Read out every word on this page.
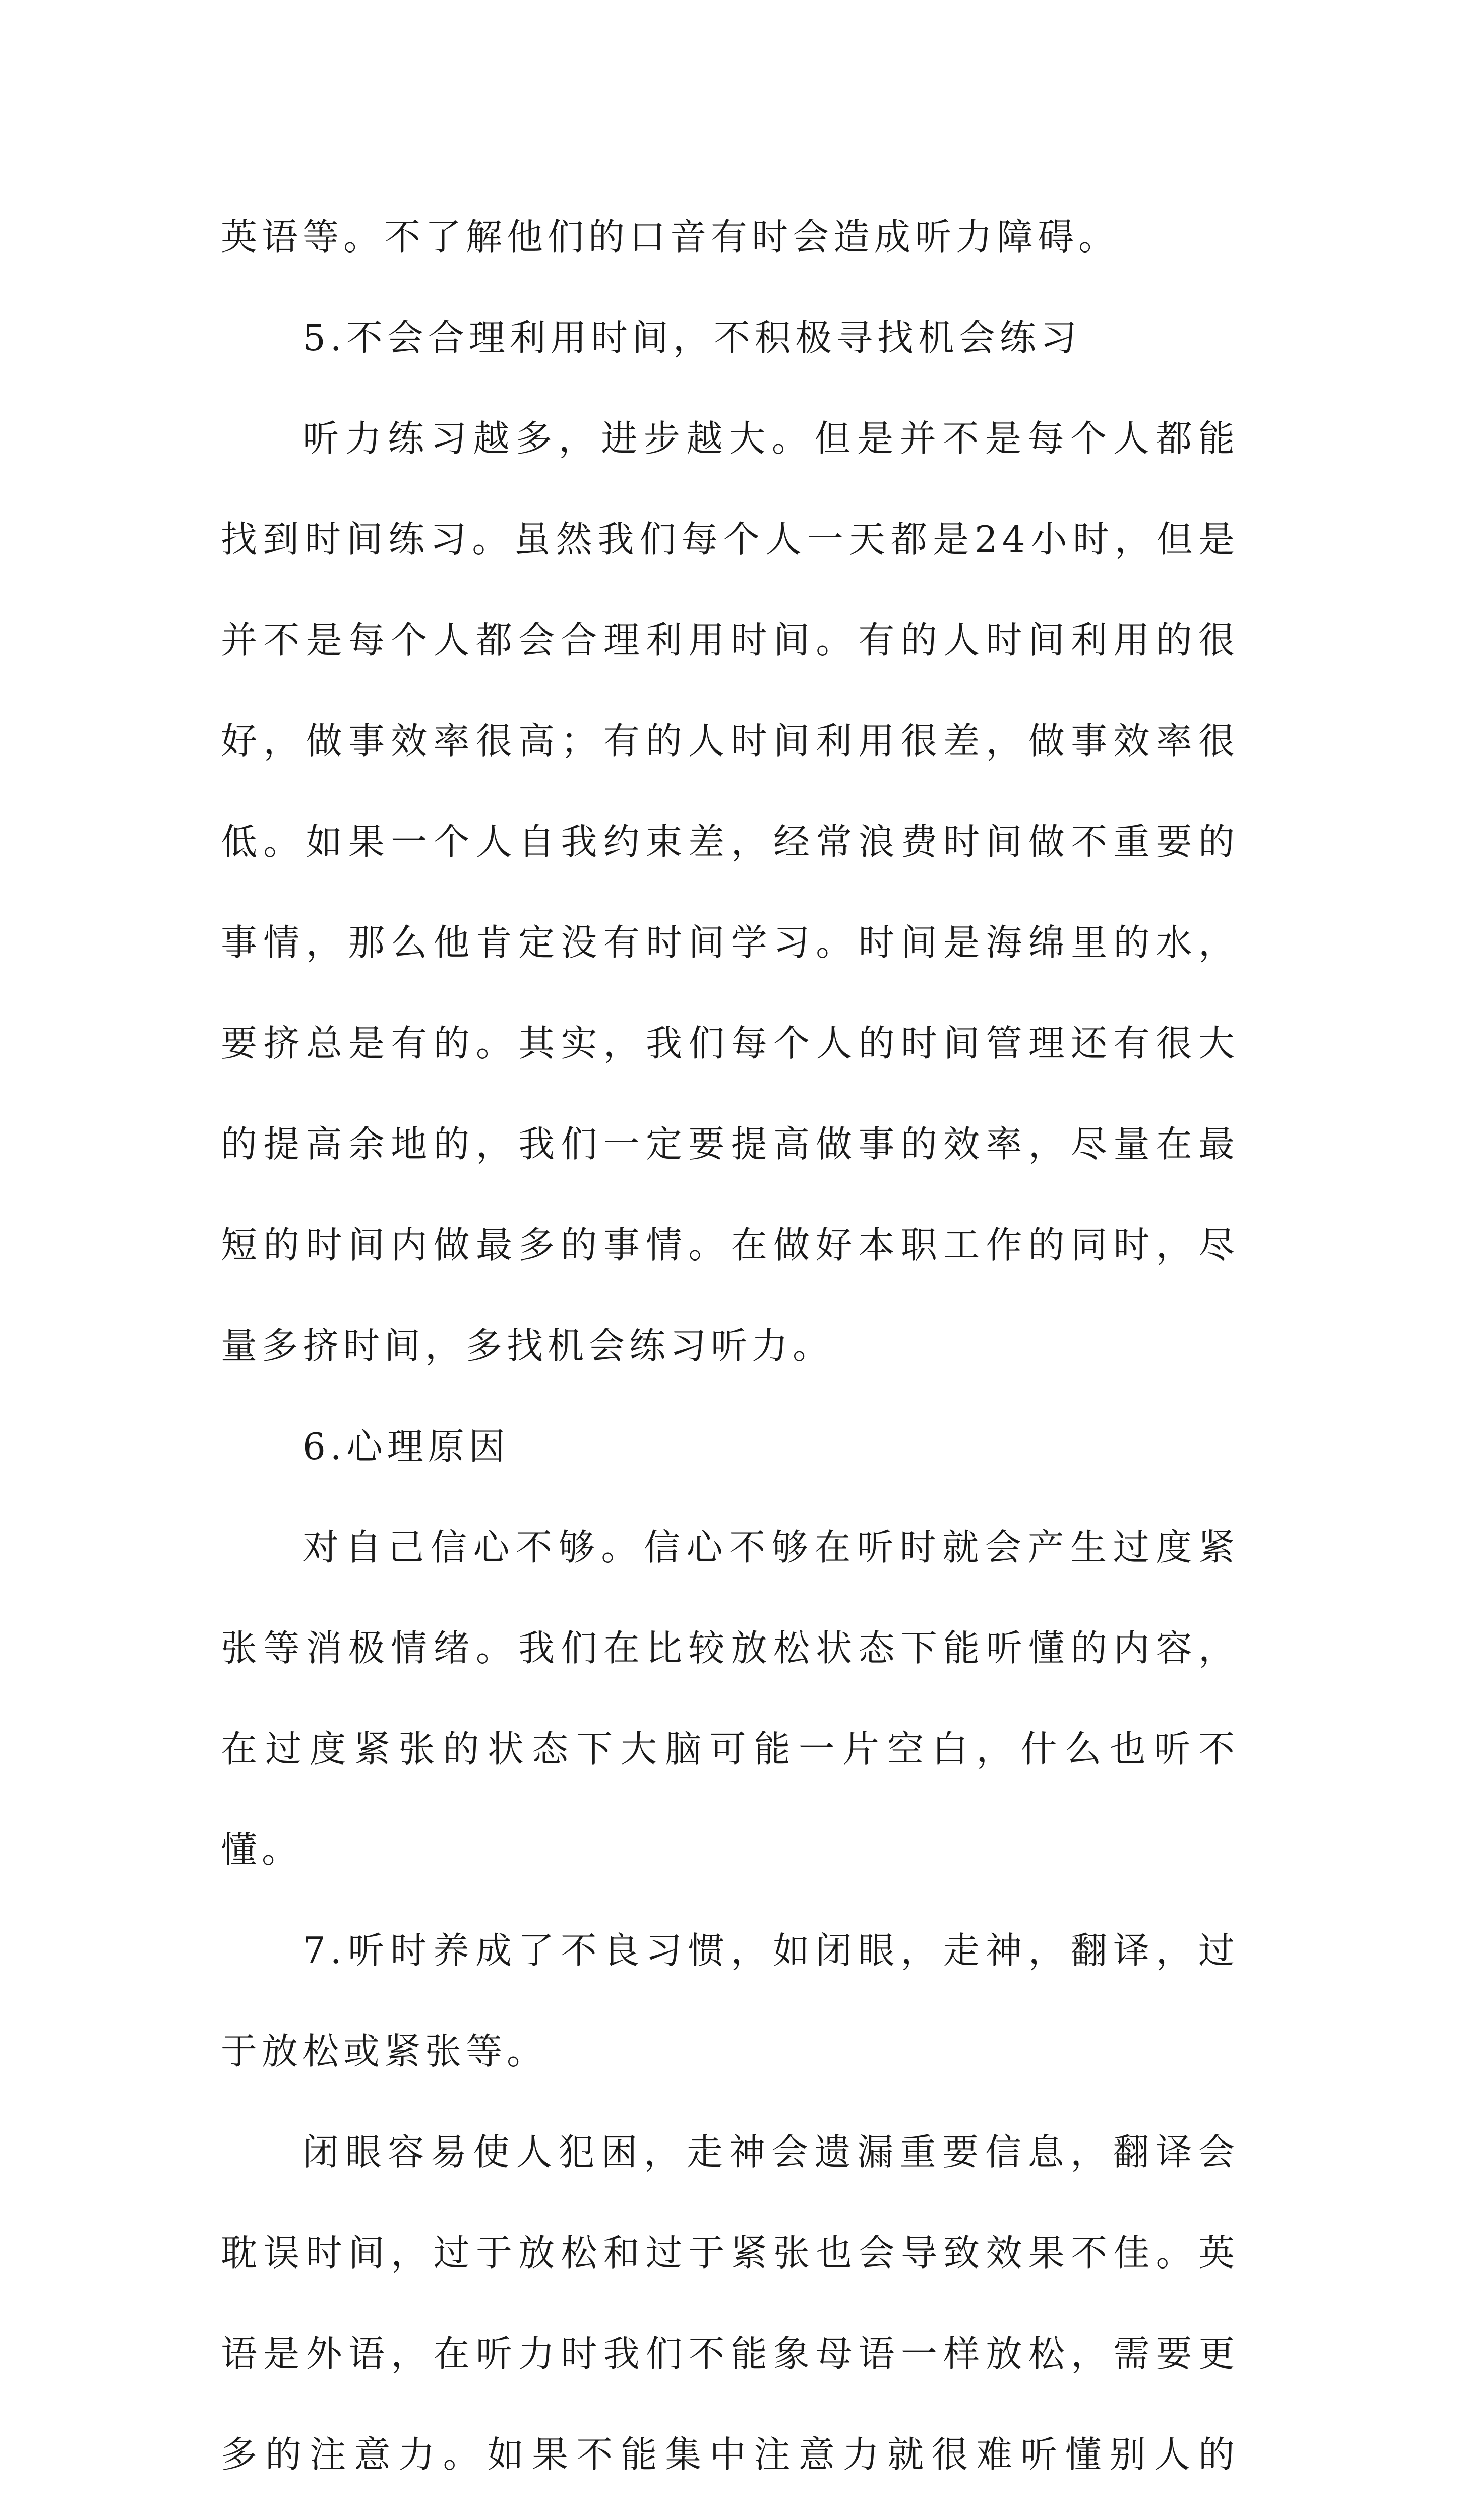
英语等。不了解他们的口音有时会造成听力障碍。

5.不会合理利用时间，不积极寻找机会练习

听力练习越多，进步越大。但是并不是每个人都能找到时间练习。虽然我们每个人一天都是24小时，但是并不是每个人都会合理利用时间。有的人时间利用的很好，做事效率很高；有的人时间利用很差，做事效率很低。如果一个人自我约束差，经常浪费时间做不重要的事情，那么他肯定没有时间学习。时间是海绵里的水，要挤总是有的。其实，我们每个人的时间管理还有很大的提高余地的，我们一定要提高做事的效率，尽量在最短的时间内做最多的事情。在做好本职工作的同时，尽量多挤时间，多找机会练习听力。

6.心理原因

对自己信心不够。信心不够在听时就会产生过度紧张等消极情绪。我们在比较放松状态下能听懂的内容，在过度紧张的状态下大脑可能一片空白，什么也听不懂。

7.听时养成了不良习惯，如闭眼，走神，翻译，过于放松或紧张等。

闭眼容易使人犯困，走神会遗漏重要信息，翻译会耽误时间，过于放松和过于紧张也会导致效果不佳。英语是外语，在听力时我们不能象母语一样放松，需要更多的注意力。如果不能集中注意力就很难听懂别人的
